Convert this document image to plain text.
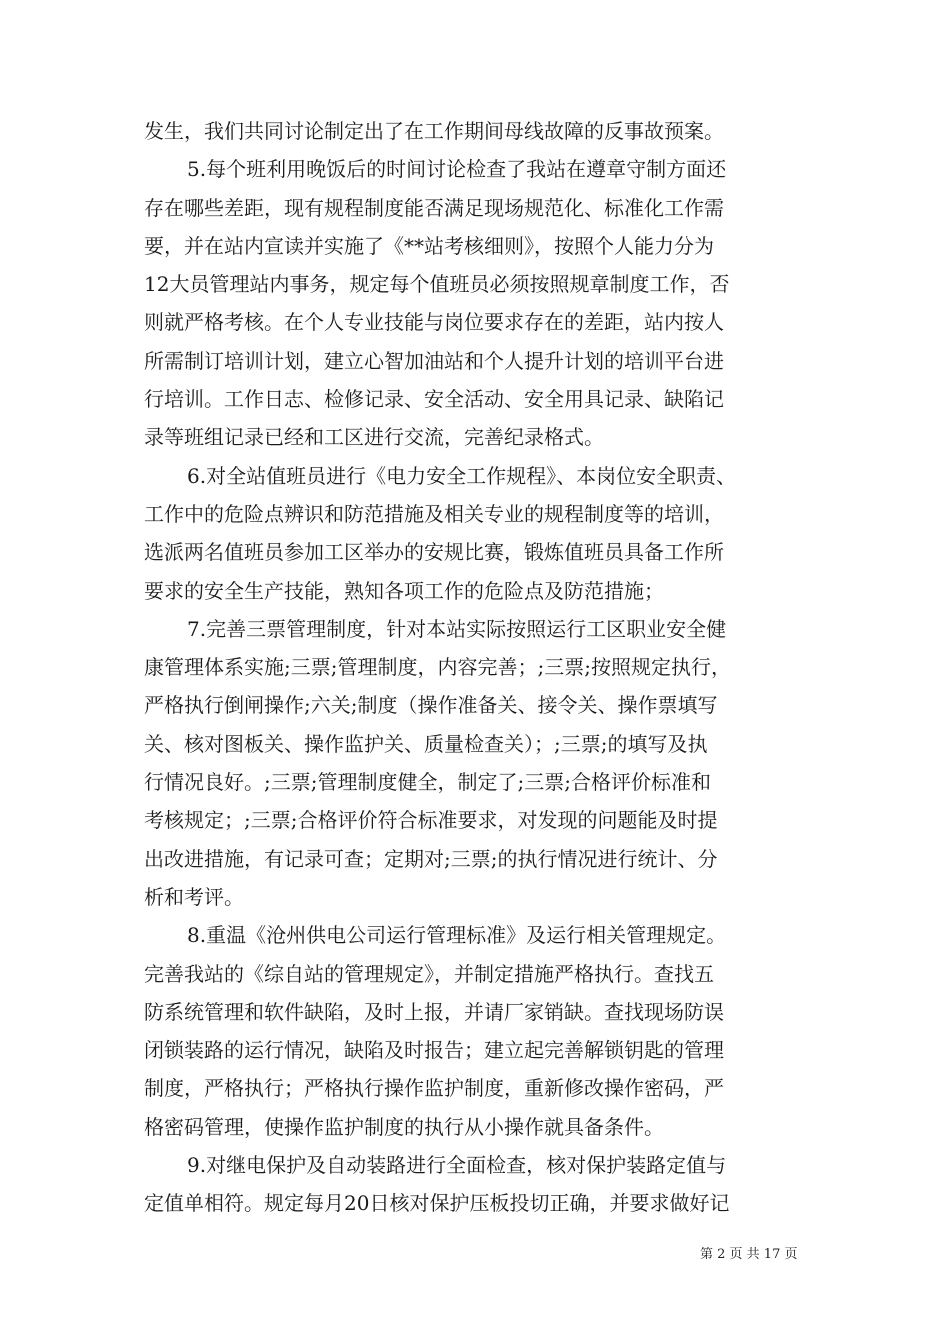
发生，我们共同讨论制定出了在工作期间母线故障的反事故预案。
5.每个班利用晚饭后的时间讨论检查了我站在遵章守制方面还
存在哪些差距，现有规程制度能否满足现场规范化、标准化工作需
要，并在站内宣读并实施了《**站考核细则》，按照个人能力分为
12大员管理站内事务，规定每个值班员必须按照规章制度工作，否
则就严格考核。在个人专业技能与岗位要求存在的差距，站内按人
所需制订培训计划，建立心智加油站和个人提升计划的培训平台进
行培训。工作日志、检修记录、安全活动、安全用具记录、缺陷记
录等班组记录已经和工区进行交流，完善纪录格式。
6.对全站值班员进行《电力安全工作规程》、本岗位安全职责、
工作中的危险点辨识和防范措施及相关专业的规程制度等的培训，
选派两名值班员参加工区举办的安规比赛，锻炼值班员具备工作所
要求的安全生产技能，熟知各项工作的危险点及防范措施；
7.完善三票管理制度，针对本站实际按照运行工区职业安全健
康管理体系实施;三票;管理制度，内容完善；;三票;按照规定执行，
严格执行倒闸操作;六关;制度（操作准备关、接令关、操作票填写
关、核对图板关、操作监护关、质量检查关）；;三票;的填写及执
行情况良好。;三票;管理制度健全，制定了;三票;合格评价标准和
考核规定；;三票;合格评价符合标准要求，对发现的问题能及时提
出改进措施，有记录可查；定期对;三票;的执行情况进行统计、分
析和考评。
8.重温《沧州供电公司运行管理标准》及运行相关管理规定。
完善我站的《综自站的管理规定》，并制定措施严格执行。查找五
防系统管理和软件缺陷，及时上报，并请厂家销缺。查找现场防误
闭锁装路的运行情况，缺陷及时报告；建立起完善解锁钥匙的管理
制度，严格执行；严格执行操作监护制度，重新修改操作密码，严
格密码管理，使操作监护制度的执行从小操作就具备条件。
9.对继电保护及自动装路进行全面检查，核对保护装路定值与
定值单相符。规定每月20日核对保护压板投切正确，并要求做好记
第 2 页 共 17 页
